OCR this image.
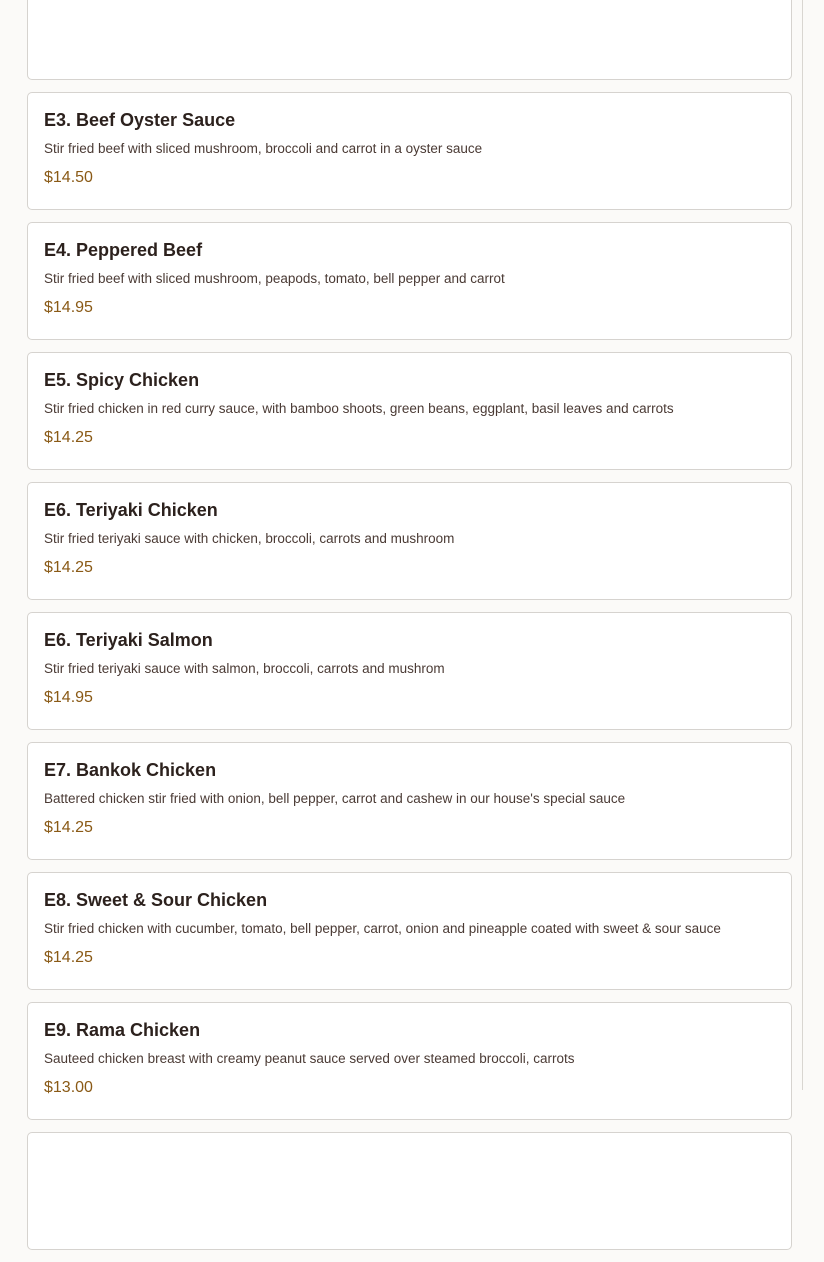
E3. Beef Oyster Sauce
Stir fried beef with sliced mushroom, broccoli and carrot in a oyster sauce
$14.50
E4. Peppered Beef
Stir fried beef with sliced mushroom, peapods, tomato, bell pepper and carrot
$14.95
E5. Spicy Chicken
Stir fried chicken in red curry sauce, with bamboo shoots, green beans, eggplant, basil leaves and carrots
$14.25
E6. Teriyaki Chicken
Stir fried teriyaki sauce with chicken, broccoli, carrots and mushroom
$14.25
E6. Teriyaki Salmon
Stir fried teriyaki sauce with salmon, broccoli, carrots and mushrom
$14.95
E7. Bankok Chicken
Battered chicken stir fried with onion, bell pepper, carrot and cashew in our house's special sauce
$14.25
E8. Sweet & Sour Chicken
Stir fried chicken with cucumber, tomato, bell pepper, carrot, onion and pineapple coated with sweet & sour sauce
$14.25
E9. Rama Chicken
Sauteed chicken breast with creamy peanut sauce served over steamed broccoli, carrots
$13.00
